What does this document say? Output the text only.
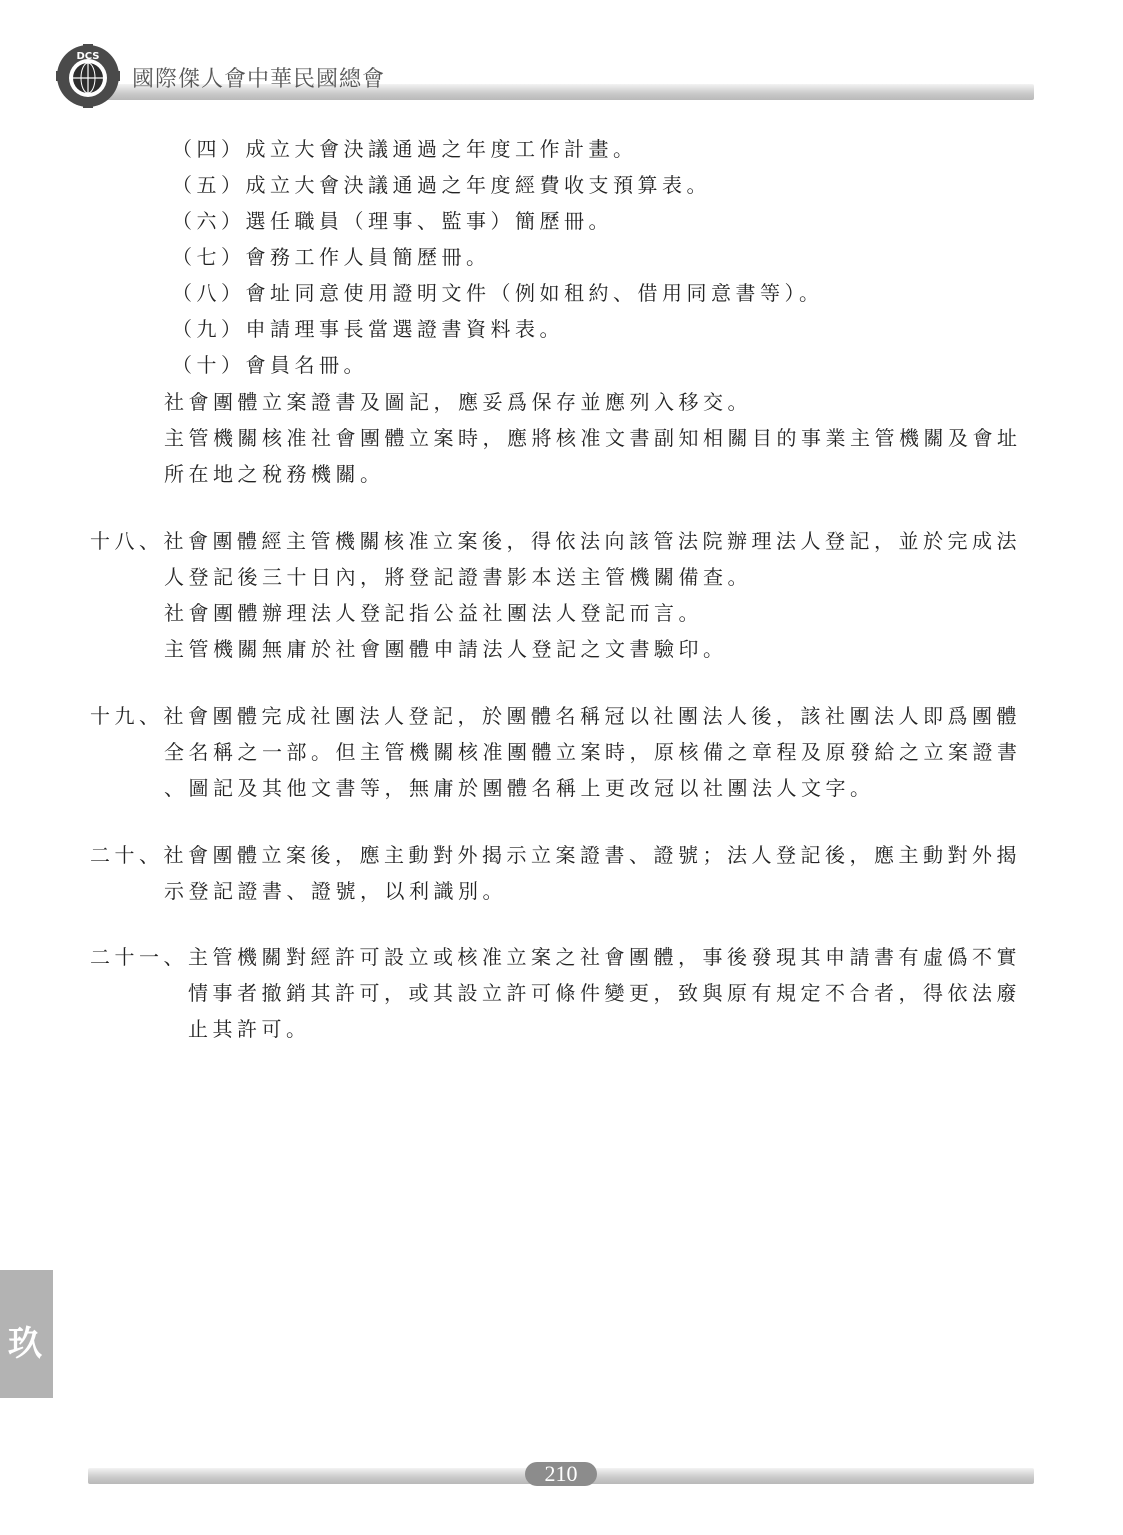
DCS
國際傑人會中華民國總會
（四）成立大會決議通過之年度工作計畫。
（五）成立大會決議通過之年度經費收支預算表。
（六）選任職員（理事、監事）簡歷冊。
（七）會務工作人員簡歷冊。
（八）會址同意使用證明文件（例如租約、借用同意書等）。
（九）申請理事長當選證書資料表。
（十）會員名冊。
社會團體立案證書及圖記，應妥爲保存並應列入移交。
主管機關核准社會團體立案時，應將核准文書副知相關目的事業主管機關及會址
所在地之稅務機關。
十八、社會團體經主管機關核准立案後，得依法向該管法院辦理法人登記，並於完成法
人登記後三十日內，將登記證書影本送主管機關備查。
社會團體辦理法人登記指公益社團法人登記而言。
主管機關無庸於社會團體申請法人登記之文書驗印。
十九、社會團體完成社團法人登記，於團體名稱冠以社團法人後，該社團法人即爲團體
全名稱之一部。但主管機關核准團體立案時，原核備之章程及原發給之立案證書
、圖記及其他文書等，無庸於團體名稱上更改冠以社團法人文字。
二十、社會團體立案後，應主動對外揭示立案證書、證號；法人登記後，應主動對外揭
示登記證書、證號，以利識別。
二十一、主管機關對經許可設立或核准立案之社會團體，事後發現其申請書有虛僞不實
情事者撤銷其許可，或其設立許可條件變更，致與原有規定不合者，得依法廢
止其許可。
玖
210
